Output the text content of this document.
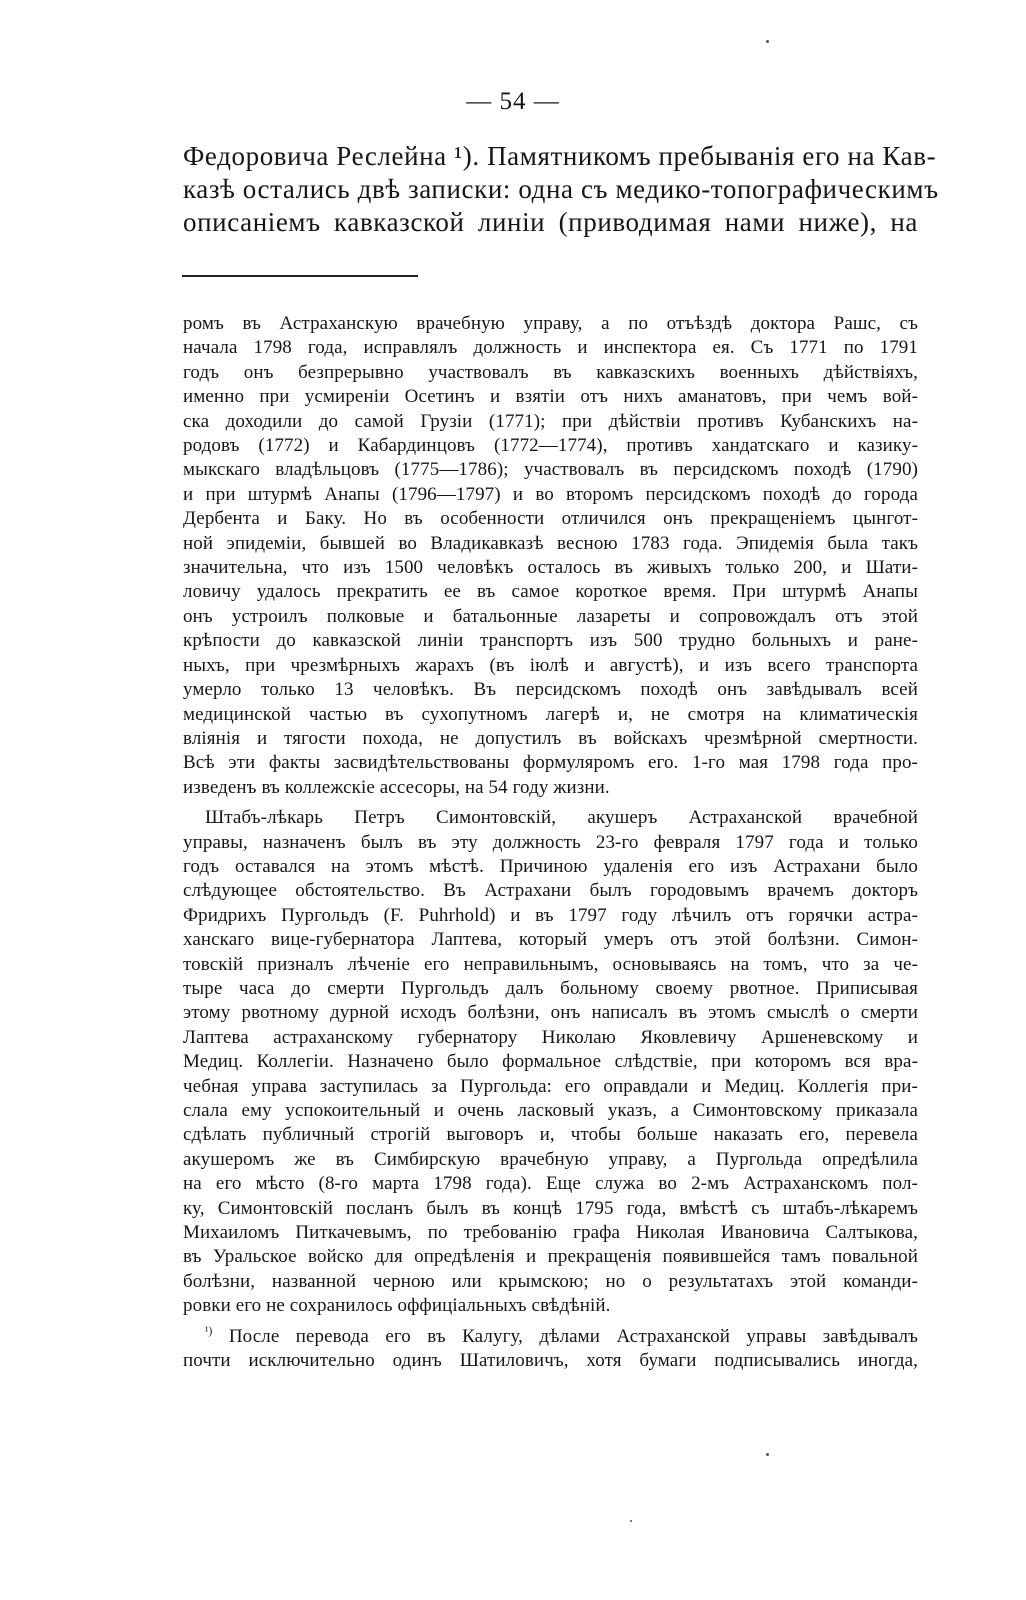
— 54 —
Федоровича Реслейна ¹). Памятникомъ пребыванія его на Кав-
казѣ остались двѣ записки: одна съ медико-топографическимъ
описаніемъ кавказской линіи (приводимая нами ниже), на
ромъ въ Астраханскую врачебную управу, а по отъѣздѣ доктора Рашс, съ
начала 1798 года, исправлялъ должность и инспектора ея. Съ 1771 по 1791
годъ онъ безпрерывно участвовалъ въ кавказскихъ военныхъ дѣйствіяхъ,
именно при усмиреніи Осетинъ и взятіи отъ нихъ аманатовъ, при чемъ вой-
ска доходили до самой Грузіи (1771); при дѣйствіи противъ Кубанскихъ на-
родовъ (1772) и Кабардинцовъ (1772—1774), противъ хандатскаго и казику-
мыкскаго владѣльцовъ (1775—1786); участвовалъ въ персидскомъ походѣ (1790)
и при штурмѣ Анапы (1796—1797) и во второмъ персидскомъ походѣ до города
Дербента и Баку. Но въ особенности отличился онъ прекращеніемъ цынгот-
ной эпидеміи, бывшей во Владикавказѣ весною 1783 года. Эпидемія была такъ
значительна, что изъ 1500 человѣкъ осталось въ живыхъ только 200, и Шати-
ловичу удалось прекратить ее въ самое короткое время. При штурмѣ Анапы
онъ устроилъ полковые и батальонные лазареты и сопровождалъ отъ этой
крѣпости до кавказской линіи транспортъ изъ 500 трудно больныхъ и ране-
ныхъ, при чрезмѣрныхъ жарахъ (въ іюлѣ и августѣ), и изъ всего транспорта
умерло только 13 человѣкъ. Въ персидскомъ походѣ онъ завѣдывалъ всей
медицинской частью въ сухопутномъ лагерѣ и, не смотря на климатическія
вліянія и тягости похода, не допустилъ въ войскахъ чрезмѣрной смертности.
Всѣ эти факты засвидѣтельствованы формуляромъ его. 1-го мая 1798 года про-
изведенъ въ коллежскіе ассесоры, на 54 году жизни.
Штабъ-лѣкарь Петръ Симонтовскій, акушеръ Астраханской врачебной
управы, назначенъ былъ въ эту должность 23-го февраля 1797 года и только
годъ оставался на этомъ мѣстѣ. Причиною удаленія его изъ Астрахани было
слѣдующее обстоятельство. Въ Астрахани былъ городовымъ врачемъ докторъ
Фридрихъ Пургольдъ (F. Puhrhold) и въ 1797 году лѣчилъ отъ горячки астра-
ханскаго вице-губернатора Лаптева, который умеръ отъ этой болѣзни. Симон-
товскій призналъ лѣченіе его неправильнымъ, основываясь на томъ, что за че-
тыре часа до смерти Пургольдъ далъ больному своему рвотное. Приписывая
этому рвотному дурной исходъ болѣзни, онъ написалъ въ этомъ смыслѣ о смерти
Лаптева астраханскому губернатору Николаю Яковлевичу Аршеневскому и
Медиц. Коллегіи. Назначено было формальное слѣдствіе, при которомъ вся вра-
чебная управа заступилась за Пургольда: его оправдали и Медиц. Коллегія при-
слала ему успокоительный и очень ласковый указъ, а Симонтовскому приказала
сдѣлать публичный строгій выговоръ и, чтобы больше наказать его, перевела
акушеромъ же въ Симбирскую врачебную управу, а Пургольда опредѣлила
на его мѣсто (8-го марта 1798 года). Еще служа во 2-мъ Астраханскомъ пол-
ку, Симонтовскій посланъ былъ въ концѣ 1795 года, вмѣстѣ съ штабъ-лѣкаремъ
Михаиломъ Питкачевымъ, по требованію графа Николая Ивановича Салтыкова,
въ Уральское войско для опредѣленія и прекращенія появившейся тамъ повальной
болѣзни, названной черною или крымскою; но о результатахъ этой команди-
ровки его не сохранилось оффиціальныхъ свѣдѣній.
$^{^1)}$ После перевода его въ Калугу, дѣлами Астраханской управы завѣдывалъ
почти исключительно одинъ Шатиловичъ, хотя бумаги подписывались иногда,
